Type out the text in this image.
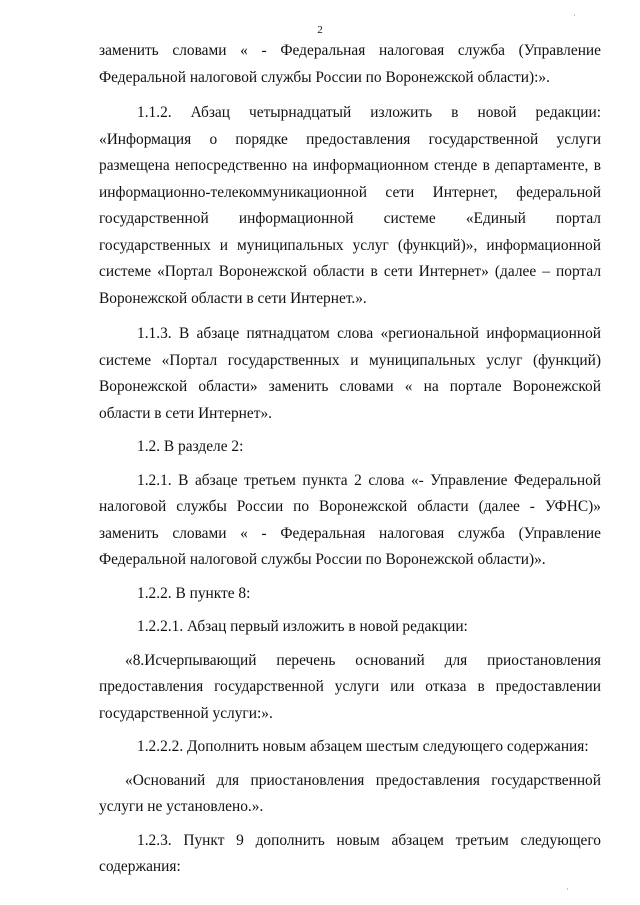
2

заменить словами « - Федеральная налоговая служба (Управление Федеральной налоговой службы России по Воронежской области):».

1.1.2. Абзац четырнадцатый изложить в новой редакции: «Информация о порядке предоставления государственной услуги размещена непосредственно на информационном стенде в департаменте, в информационно-телекоммуникационной сети Интернет, федеральной государственной информационной системе «Единый портал государственных и муниципальных услуг (функций)», информационной системе «Портал Воронежской области в сети Интернет» (далее – портал Воронежской области в сети Интернет.».

1.1.3. В абзаце пятнадцатом слова «региональной информационной системе «Портал государственных и муниципальных услуг (функций) Воронежской области» заменить словами « на портале Воронежской области в сети Интернет».

1.2. В разделе 2:

1.2.1. В абзаце третьем пункта 2 слова «- Управление Федеральной налоговой службы России по Воронежской области (далее - УФНС)» заменить словами « - Федеральная налоговая служба (Управление Федеральной налоговой службы России по Воронежской области)».

1.2.2. В пункте 8:

1.2.2.1. Абзац первый изложить в новой редакции:

«8.Исчерпывающий перечень оснований для приостановления предоставления государственной услуги или отказа в предоставлении государственной услуги:».

1.2.2.2. Дополнить новым абзацем шестым следующего содержания:

«Оснований для приостановления предоставления государственной услуги не установлено.».

1.2.3. Пункт 9 дополнить новым абзацем третьим следующего содержания:

˙
˙
